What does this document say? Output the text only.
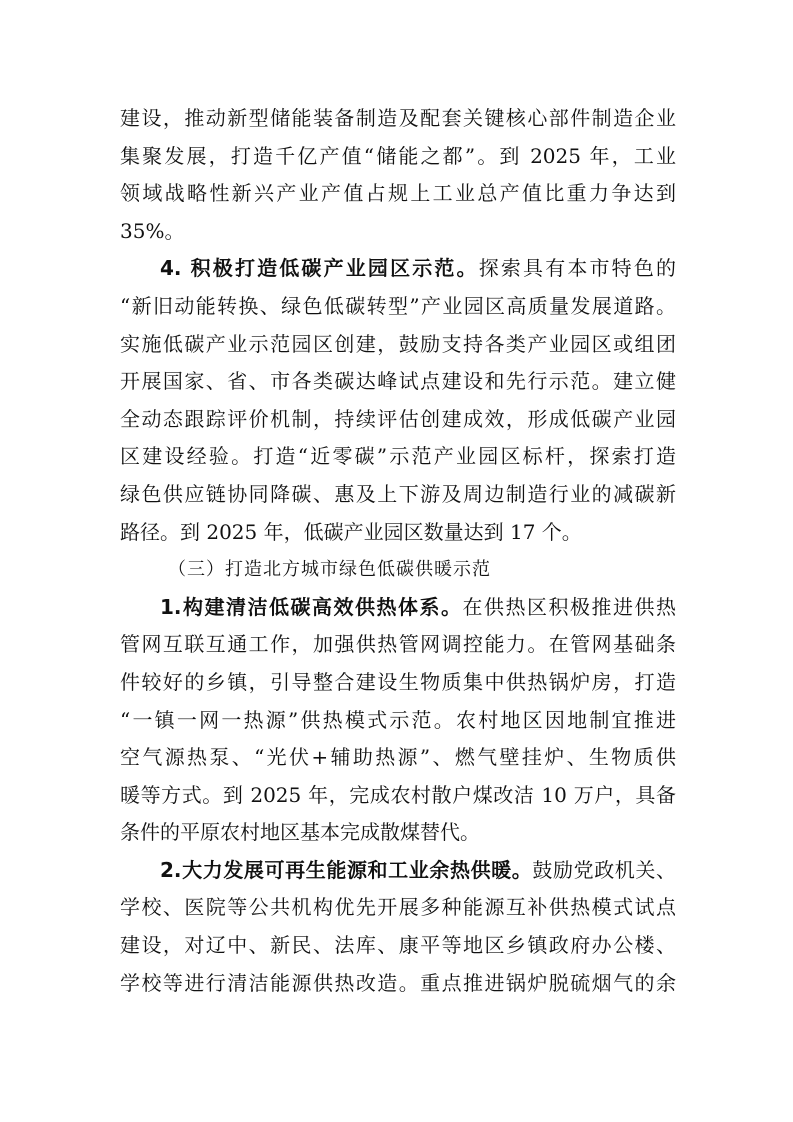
建设，推动新型储能装备制造及配套关键核心部件制造企业
集聚发展，打造千亿产值“储能之都”。到 2025 年，工业
领域战略性新兴产业产值占规上工业总产值比重力争达到
35%。
4. 积极打造低碳产业园区示范。探索具有本市特色的
“新旧动能转换、绿色低碳转型”产业园区高质量发展道路。
实施低碳产业示范园区创建，鼓励支持各类产业园区或组团
开展国家、省、市各类碳达峰试点建设和先行示范。建立健
全动态跟踪评价机制，持续评估创建成效，形成低碳产业园
区建设经验。打造“近零碳”示范产业园区标杆，探索打造
绿色供应链协同降碳、惠及上下游及周边制造行业的减碳新
路径。到 2025 年，低碳产业园区数量达到 17 个。
（三）打造北方城市绿色低碳供暖示范
1.构建清洁低碳高效供热体系。在供热区积极推进供热
管网互联互通工作，加强供热管网调控能力。在管网基础条
件较好的乡镇，引导整合建设生物质集中供热锅炉房，打造
“一镇一网一热源”供热模式示范。农村地区因地制宜推进
空气源热泵、“光伏+辅助热源”、燃气壁挂炉、生物质供
暖等方式。到 2025 年，完成农村散户煤改洁 10 万户，具备
条件的平原农村地区基本完成散煤替代。
2.大力发展可再生能源和工业余热供暖。鼓励党政机关、
学校、医院等公共机构优先开展多种能源互补供热模式试点
建设，对辽中、新民、法库、康平等地区乡镇政府办公楼、
学校等进行清洁能源供热改造。重点推进锅炉脱硫烟气的余
